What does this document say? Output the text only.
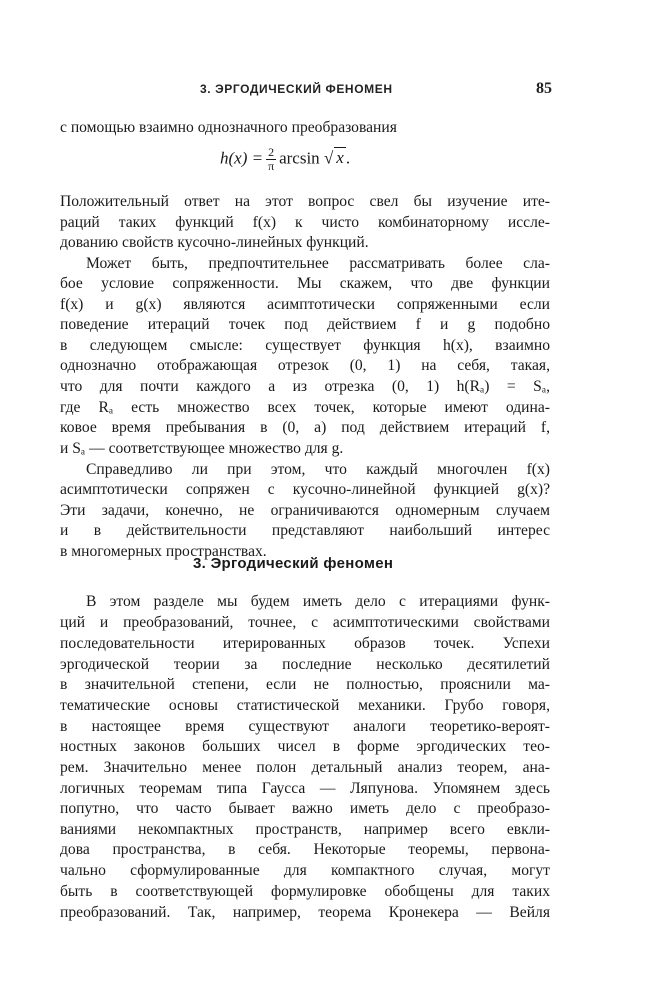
3. ЭРГОДИЧЕСКИЙ ФЕНОМЕН	85
с помощью взаимно однозначного преобразования
$h(x) = \frac{2}{\pi}$ arcsin √ x .
Положительный ответ на этот вопрос свел бы изучение ите-
раций таких функций f(x) к чисто комбинаторному иссле-
дованию свойств кусочно-линейных функций.
Может быть, предпочтительнее рассматривать более сла-
бое условие сопряженности. Мы скажем, что две функции
f(x) и g(x) являются асимптотически сопряженными если
поведение итераций точек под действием f и g подобно
в следующем смысле: существует функция h(x), взаимно
однозначно отображающая отрезок (0, 1) на себя, такая,
что для почти каждого a из отрезка (0, 1) h(Rₐ) = Sₐ,
где Rₐ есть множество всех точек, которые имеют одина-
ковое время пребывания в (0, a) под действием итераций f,
и Sₐ — соответствующее множество для g.
Справедливо ли при этом, что каждый многочлен f(x)
асимптотически сопряжен с кусочно-линейной функцией g(x)?
Эти задачи, конечно, не ограничиваются одномерным случаем
и в действительности представляют наибольший интерес
в многомерных пространствах.
3. Эргодический феномен
В этом разделе мы будем иметь дело с итерациями функ-
ций и преобразований, точнее, с асимптотическими свойствами
последовательности итерированных образов точек. Успехи
эргодической теории за последние несколько десятилетий
в значительной степени, если не полностью, прояснили ма-
тематические основы статистической механики. Грубо говоря,
в настоящее время существуют аналоги теоретико-вероят-
ностных законов больших чисел в форме эргодических тео-
рем. Значительно менее полон детальный анализ теорем, ана-
логичных теоремам типа Гаусса — Ляпунова. Упомянем здесь
попутно, что часто бывает важно иметь дело с преобразо-
ваниями некомпактных пространств, например всего евкли-
дова пространства, в себя. Некоторые теоремы, первона-
чально сформулированные для компактного случая, могут
быть в соответствующей формулировке обобщены для таких
преобразований. Так, например, теорема Кронекера — Вейля
